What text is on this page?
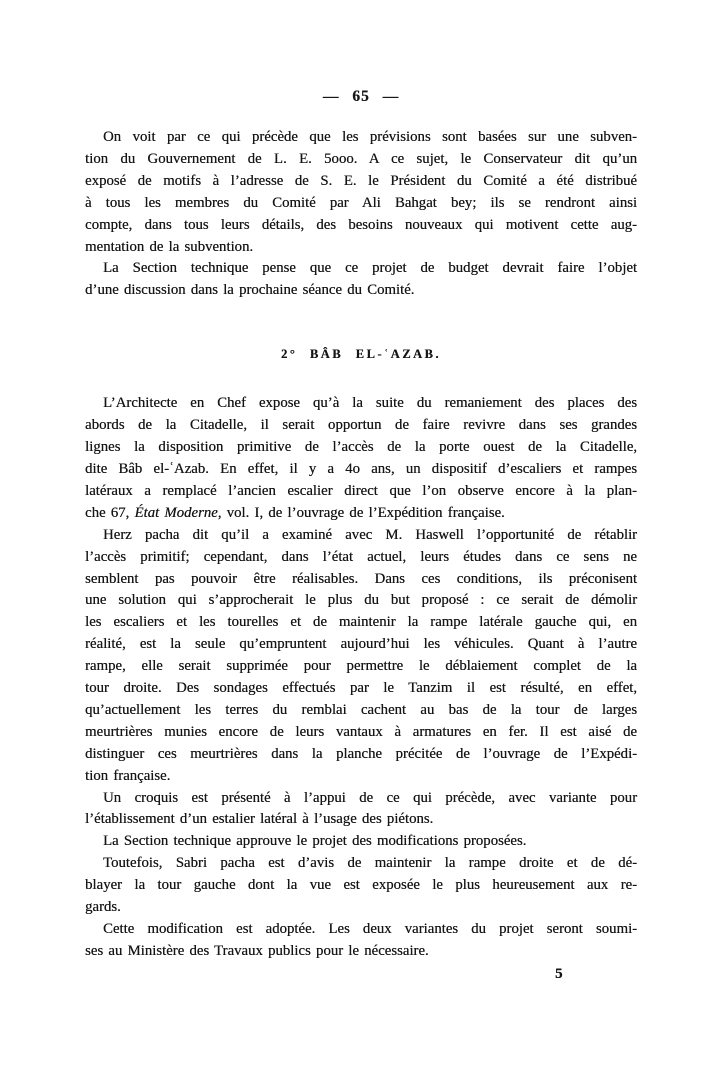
— 65 —
On voit par ce qui précède que les prévisions sont basées sur une subven-
tion du Gouvernement de L. E. 5ooo. A ce sujet, le Conservateur dit qu’un
exposé de motifs à l’adresse de S. E. le Président du Comité a été distribué
à tous les membres du Comité par Ali Bahgat bey; ils se rendront ainsi
compte, dans tous leurs détails, des besoins nouveaux qui motivent cette aug-
mentation de la subvention.
La Section technique pense que ce projet de budget devrait faire l’objet
d’une discussion dans la prochaine séance du Comité.
2° BÂB EL-ʿAZAB.
L’Architecte en Chef expose qu’à la suite du remaniement des places des
abords de la Citadelle, il serait opportun de faire revivre dans ses grandes
lignes la disposition primitive de l’accès de la porte ouest de la Citadelle,
dite Bâb el-ʿAzab. En effet, il y a 4o ans, un dispositif d’escaliers et rampes
latéraux a remplacé l’ancien escalier direct que l’on observe encore à la plan-
che 67, État Moderne, vol. I, de l’ouvrage de l’Expédition française.
Herz pacha dit qu’il a examiné avec M. Haswell l’opportunité de rétablir
l’accès primitif; cependant, dans l’état actuel, leurs études dans ce sens ne
semblent pas pouvoir être réalisables. Dans ces conditions, ils préconisent
une solution qui s’approcherait le plus du but proposé : ce serait de démolir
les escaliers et les tourelles et de maintenir la rampe latérale gauche qui, en
réalité, est la seule qu’empruntent aujourd’hui les véhicules. Quant à l’autre
rampe, elle serait supprimée pour permettre le déblaiement complet de la
tour droite. Des sondages effectués par le Tanzim il est résulté, en effet,
qu’actuellement les terres du remblai cachent au bas de la tour de larges
meurtrières munies encore de leurs vantaux à armatures en fer. Il est aisé de
distinguer ces meurtrières dans la planche précitée de l’ouvrage de l’Expédi-
tion française.
Un croquis est présenté à l’appui de ce qui précède, avec variante pour
l’établissement d’un estalier latéral à l’usage des piétons.
La Section technique approuve le projet des modifications proposées.
Toutefois, Sabri pacha est d’avis de maintenir la rampe droite et de dé-
blayer la tour gauche dont la vue est exposée le plus heureusement aux re-
gards.
Cette modification est adoptée. Les deux variantes du projet seront soumi-
ses au Ministère des Travaux publics pour le nécessaire.
5
